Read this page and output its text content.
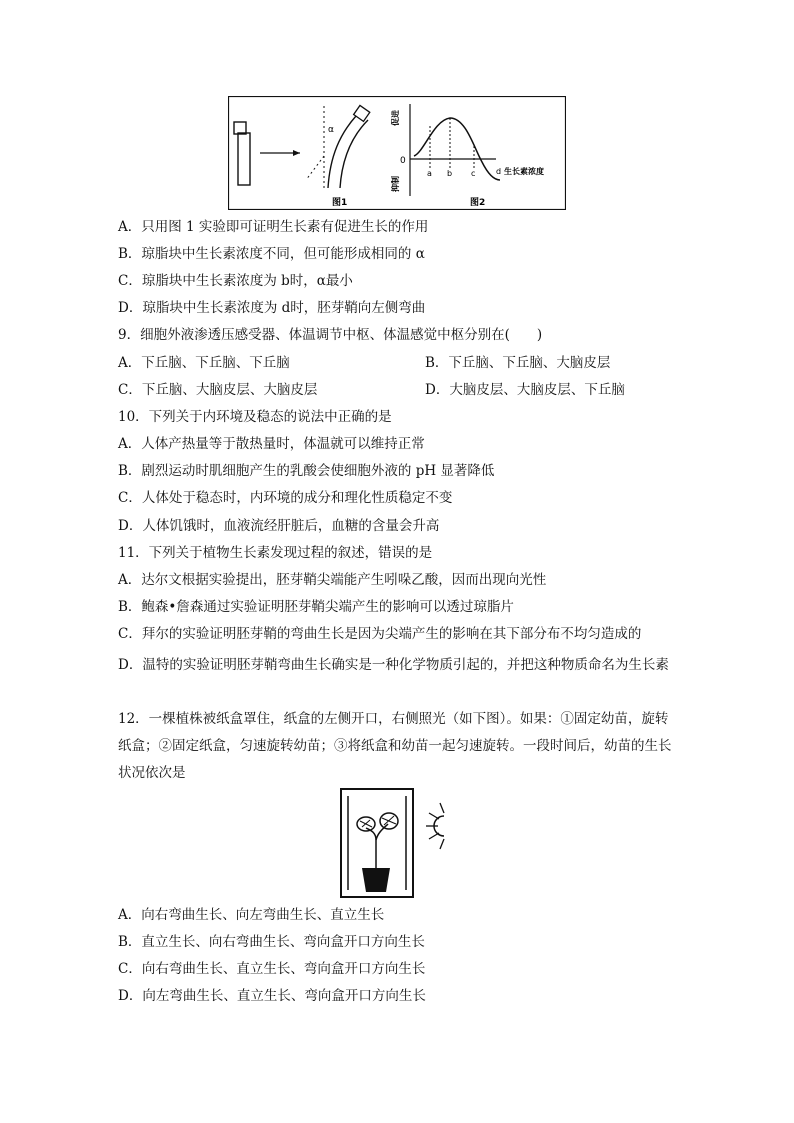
α
图1
促进
抑制
0
a b c	d 生长素浓度
图2
A．只用图 1 实验即可证明生长素有促进生长的作用
B．琼脂块中生长素浓度不同，但可能形成相同的 α
C．琼脂块中生长素浓度为 b时，α最小
D．琼脂块中生长素浓度为 d时，胚芽鞘向左侧弯曲
9．细胞外液渗透压感受器、体温调节中枢、体温感觉中枢分别在(　　)
A．下丘脑、下丘脑、下丘脑	B．下丘脑、下丘脑、大脑皮层
C．下丘脑、大脑皮层、大脑皮层	D．大脑皮层、大脑皮层、下丘脑
10．下列关于内环境及稳态的说法中正确的是
A．人体产热量等于散热量时，体温就可以维持正常
B．剧烈运动时肌细胞产生的乳酸会使细胞外液的 pH 显著降低
C．人体处于稳态时，内环境的成分和理化性质稳定不变
D．人体饥饿时，血液流经肝脏后，血糖的含量会升高
11．下列关于植物生长素发现过程的叙述，错误的是
A．达尔文根据实验提出，胚芽鞘尖端能产生吲哚乙酸，因而出现向光性
B．鲍森•詹森通过实验证明胚芽鞘尖端产生的影响可以透过琼脂片
C．拜尔的实验证明胚芽鞘的弯曲生长是因为尖端产生的影响在其下部分布不均匀造成的
D．温特的实验证明胚芽鞘弯曲生长确实是一种化学物质引起的，并把这种物质命名为生长素
12．一棵植株被纸盒罩住，纸盒的左侧开口，右侧照光（如下图）。如果：①固定幼苗，旋转纸盒；②固定纸盒，匀速旋转幼苗；③将纸盒和幼苗一起匀速旋转。一段时间后，幼苗的生长状况依次是
A．向右弯曲生长、向左弯曲生长、直立生长
B．直立生长、向右弯曲生长、弯向盒开口方向生长
C．向右弯曲生长、直立生长、弯向盒开口方向生长
D．向左弯曲生长、直立生长、弯向盒开口方向生长
